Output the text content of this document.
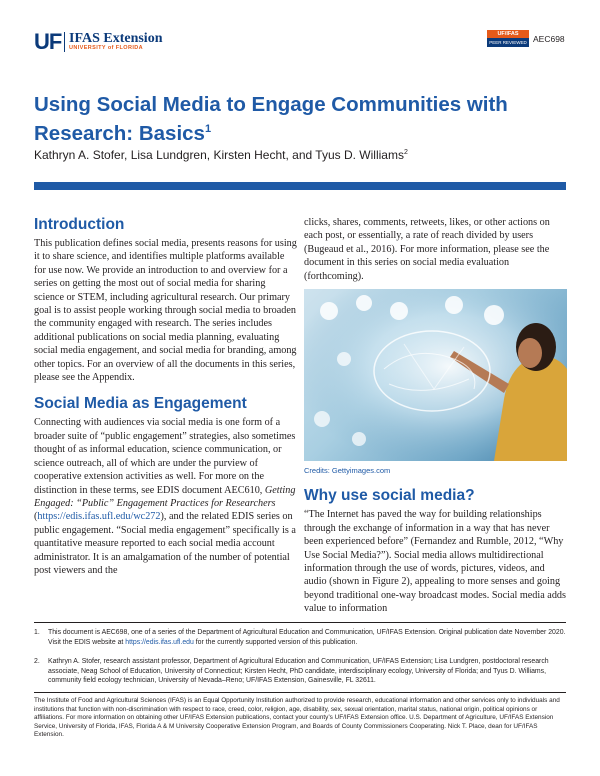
UF IFAS Extension
UNIVERSITY of FLORIDA
UF/IFAS
PEER REVIEWED AEC698
Using Social Media to Engage Communities with Research: Basics$^1$
Kathryn A. Stofer, Lisa Lundgren, Kirsten Hecht, and Tyus D. Williams$^2$
Introduction

This publication defines social media, presents reasons for using it to share science, and identifies multiple platforms available for use now. We provide an introduction to and overview for a series on getting the most out of social media for sharing science or STEM, including agricultural research. Our primary goal is to assist people working through social media to broaden the community engaged with research. The series includes additional publications on social media planning, evaluating social media engagement, and social media for branding, among other topics. For an overview of all the documents in this series, please see the Appendix.

Social Media as Engagement

Connecting with audiences via social media is one form of a broader suite of “public engagement” strategies, also sometimes thought of as informal education, science communication, or science outreach, all of which are under the purview of cooperative extension activities as well. For more on the distinction in these terms, see EDIS document AEC610, Getting Engaged: “Public” Engagement Practices for Researchers (https://edis.ifas.ufl.edu/wc272), and the related EDIS series on public engagement. “Social media engagement” specifically is a quantitative measure reported to each social media account administrator. It is an amalgamation of the number of potential post viewers and the

clicks, shares, comments, retweets, likes, or other actions on each post, or essentially, a rate of reach divided by users (Bugeaud et al., 2016). For more information, please see the document in this series on social media evaluation (forthcoming).

Credits: Gettyimages.com
Why use social media?

“The Internet has paved the way for building relationships through the exchange of information in a way that has never been experienced before” (Fernandez and Rumble, 2012, “Why Use Social Media?”). Social media allows multidirectional information through the use of words, pictures, videos, and audio (shown in Figure 2), appealing to more senses and going beyond traditional one-way broadcast modes. Social media adds value to information

1.	This document is AEC698, one of a series of the Department of Agricultural Education and Communication, UF/IFAS Extension. Original publication date November 2020. Visit the EDIS website at https://edis.ifas.ufl.edu for the currently supported version of this publication.
2.	Kathryn A. Stofer, research assistant professor, Department of Agricultural Education and Communication, UF/IFAS Extension; Lisa Lundgren, postdoctoral research associate, Neag School of Education, University of Connecticut; Kirsten Hecht, PhD candidate, interdisciplinary ecology, University of Florida; and Tyus D. Williams, community field ecology technician, University of Nevada–Reno; UF/IFAS Extension, Gainesville, FL 32611.

The Institute of Food and Agricultural Sciences (IFAS) is an Equal Opportunity Institution authorized to provide research, educational information and other services only to individuals and institutions that function with non-discrimination with respect to race, creed, color, religion, age, disability, sex, sexual orientation, marital status, national origin, political opinions or affiliations. For more information on obtaining other UF/IFAS Extension publications, contact your county’s UF/IFAS Extension office. U.S. Department of Agriculture, UF/IFAS Extension Service, University of Florida, IFAS, Florida A & M University Cooperative Extension Program, and Boards of County Commissioners Cooperating. Nick T. Place, dean for UF/IFAS Extension.
